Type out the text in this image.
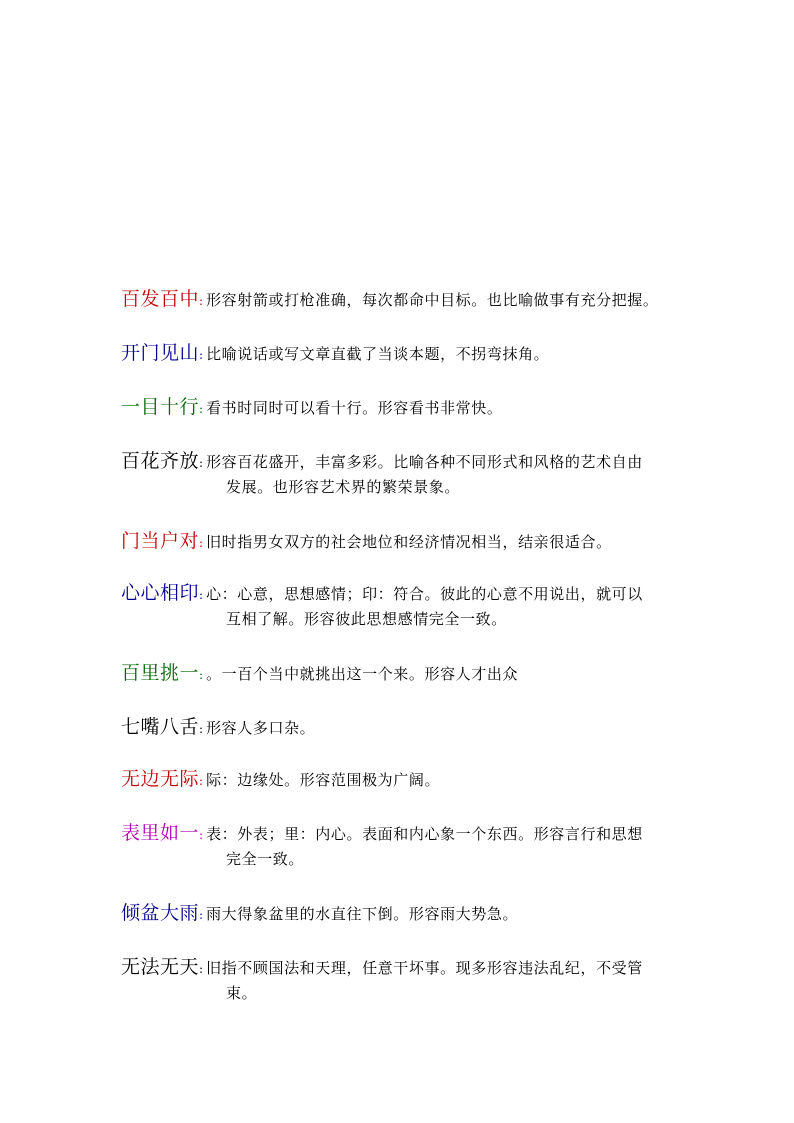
百发百中 : 形容射箭或打枪准确，每次都命中目标。也比喻做事有充分把握。
开门见山 : 比喻说话或写文章直截了当谈本题，不拐弯抹角。
一目十行 : 看书时同时可以看十行。形容看书非常快。
百花齐放 : 形容百花盛开，丰富多彩。比喻各种不同形式和风格的艺术自由
发展。也形容艺术界的繁荣景象。
门当户对 : 旧时指男女双方的社会地位和经济情况相当，结亲很适合。
心心相印 : 心：心意，思想感情；印：符合。彼此的心意不用说出，就可以
互相了解。形容彼此思想感情完全一致。
百里挑一 : 。一百个当中就挑出这一个来。形容人才出众
七嘴八舌 : 形容人多口杂。
无边无际 : 际：边缘处。形容范围极为广阔。
表里如一 : 表：外表；里：内心。表面和内心象一个东西。形容言行和思想
完全一致。
倾盆大雨 : 雨大得象盆里的水直往下倒。形容雨大势急。
无法无天 : 旧指不顾国法和天理，任意干坏事。现多形容违法乱纪，不受管
束。
